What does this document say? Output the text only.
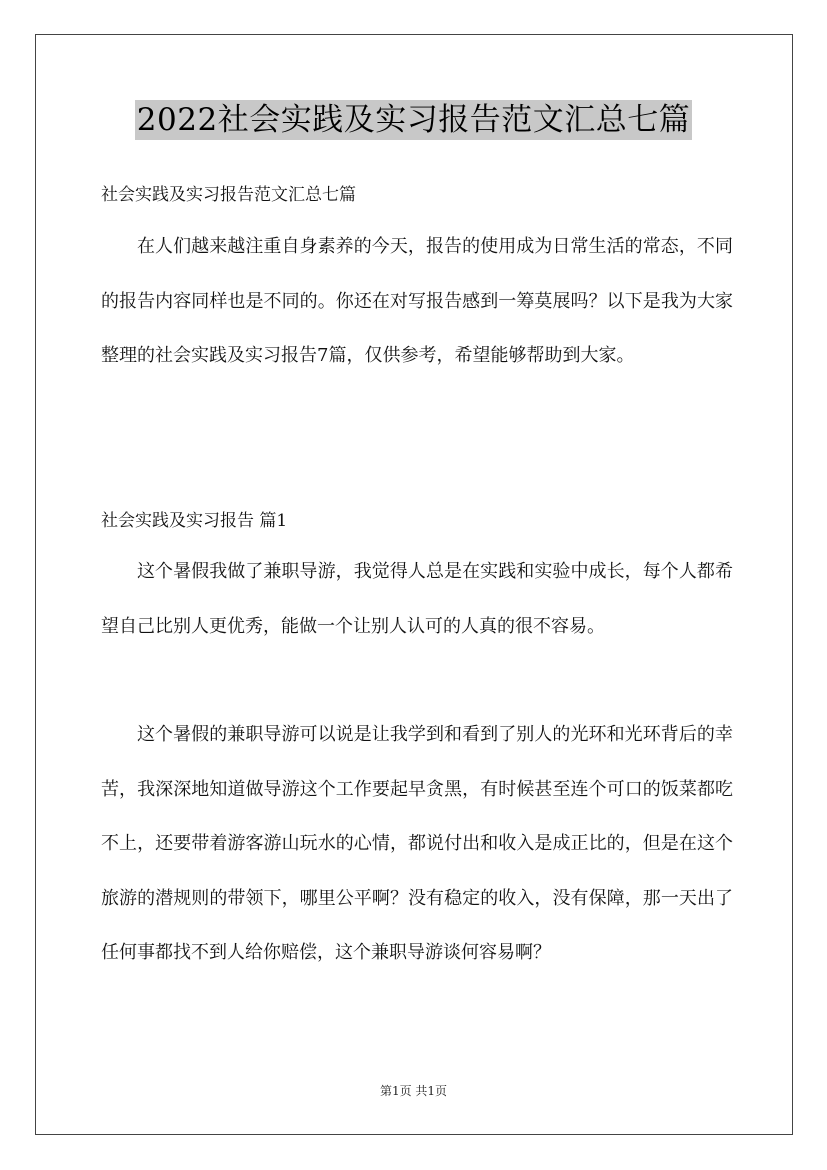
2022社会实践及实习报告范文汇总七篇
社会实践及实习报告范文汇总七篇

在人们越来越注重自身素养的今天，报告的使用成为日常生活的常态，不同的报告内容同样也是不同的。你还在对写报告感到一筹莫展吗？以下是我为大家整理的社会实践及实习报告7篇，仅供参考，希望能够帮助到大家。

社会实践及实习报告 篇1

这个暑假我做了兼职导游，我觉得人总是在实践和实验中成长，每个人都希望自己比别人更优秀，能做一个让别人认可的人真的很不容易。

这个暑假的兼职导游可以说是让我学到和看到了别人的光环和光环背后的幸苦，我深深地知道做导游这个工作要起早贪黑，有时候甚至连个可口的饭菜都吃不上，还要带着游客游山玩水的心情，都说付出和收入是成正比的，但是在这个旅游的潜规则的带领下，哪里公平啊？没有稳定的收入，没有保障，那一天出了任何事都找不到人给你赔偿，这个兼职导游谈何容易啊？

第1页 共1页
